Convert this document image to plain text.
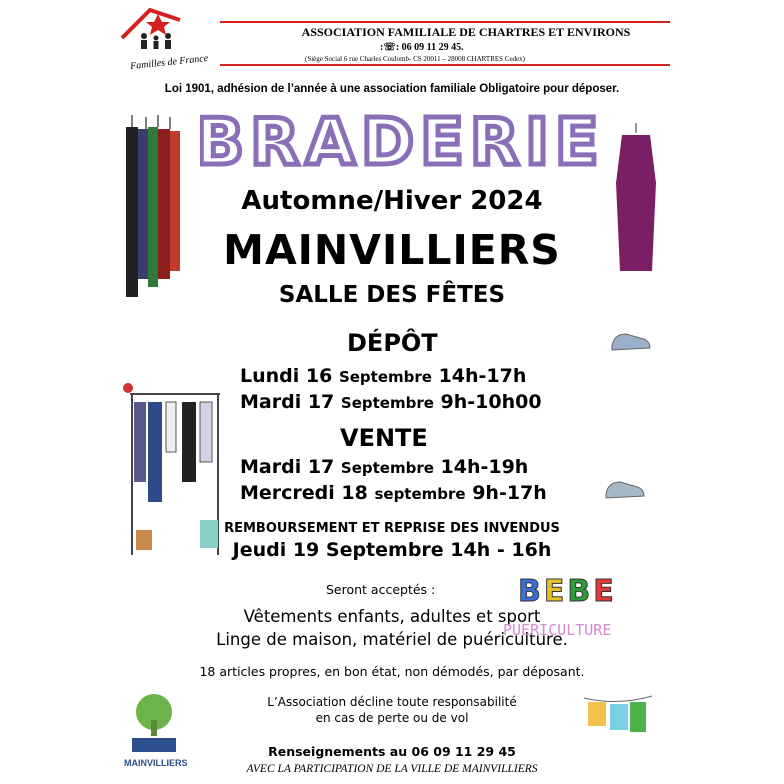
Familles de France
ASSOCIATION FAMILIALE DE CHARTRES ET ENVIRONS
:☏: 06 09 11 29 45.
(Siège Social 6 rue Charles Coulomb- CS 20011 – 28008 CHARTRES Cedex)
Loi 1901, adhésion de l’année à une association familiale Obligatoire pour déposer.
BRADERIE
Automne/Hiver 2024
MAINVILLIERS
SALLE DES FÊTES
DÉPÔT
Lundi 16 Septembre 14h-17h
Mardi 17 Septembre 9h-10h00
VENTE
Mardi 17 Septembre 14h-19h
Mercredi 18 septembre 9h-17h
REMBOURSEMENT ET REPRISE DES INVENDUS
Jeudi 19 Septembre 14h - 16h
Seront acceptés :
Vêtements enfants, adultes et sport
Linge de maison, matériel de puériculture.
18 articles propres, en bon état, non démodés, par déposant.
BEBE
PUERICULTURE
L’Association décline toute responsabilité
en cas de perte ou de vol
MAINVILLIERS
Renseignements au 06 09 11 29 45
AVEC LA PARTICIPATION DE LA VILLE DE MAINVILLIERS
